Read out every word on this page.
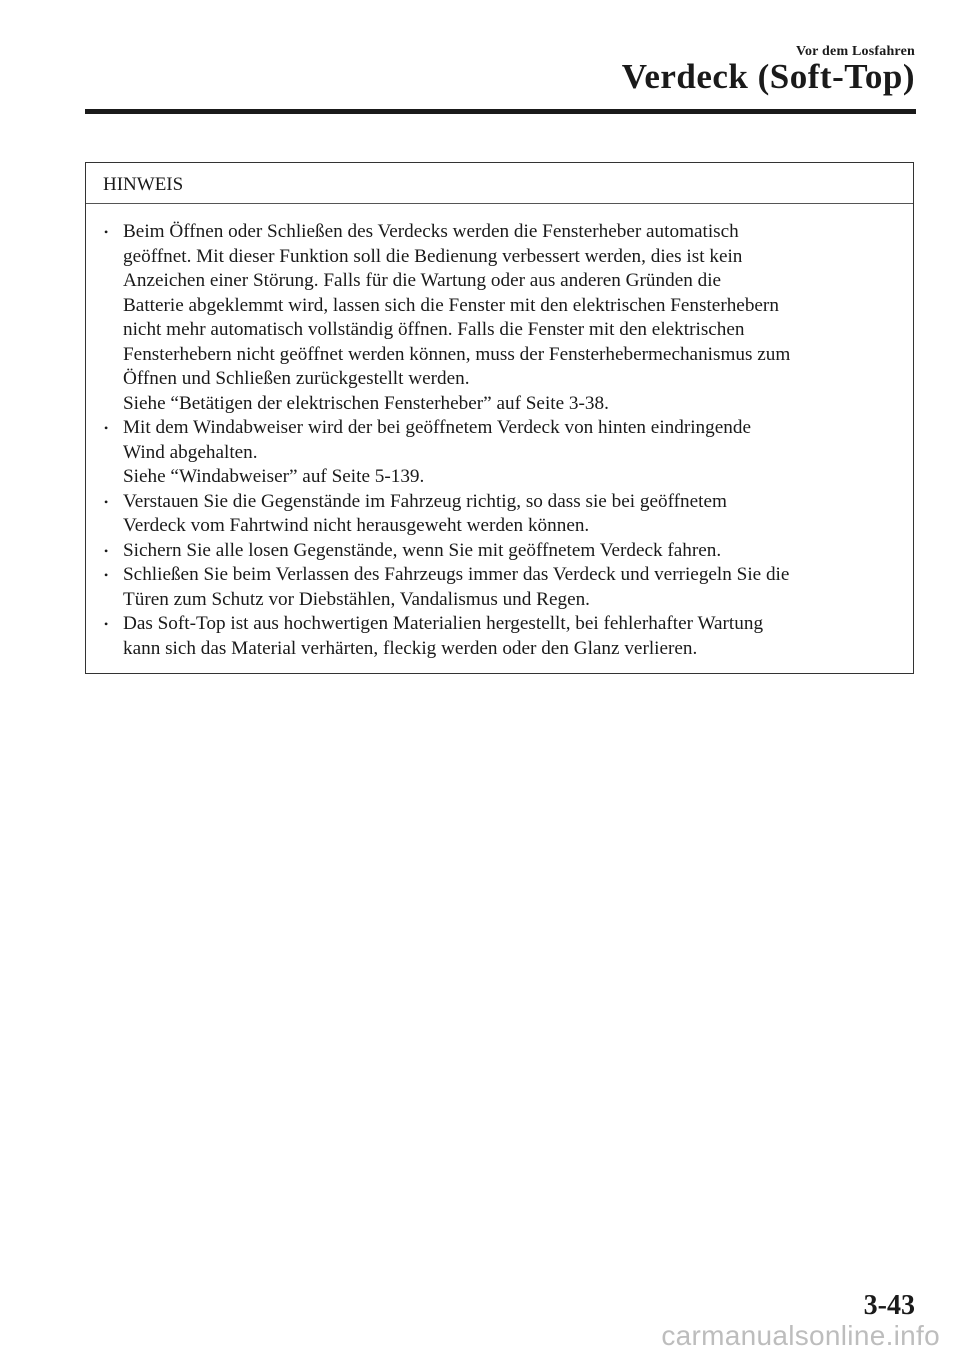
Vor dem Losfahren
Verdeck (Soft-Top)
HINWEIS
• Beim Öffnen oder Schließen des Verdecks werden die Fensterheber automatisch
geöffnet. Mit dieser Funktion soll die Bedienung verbessert werden, dies ist kein
Anzeichen einer Störung. Falls für die Wartung oder aus anderen Gründen die
Batterie abgeklemmt wird, lassen sich die Fenster mit den elektrischen Fensterhebern
nicht mehr automatisch vollständig öffnen. Falls die Fenster mit den elektrischen
Fensterhebern nicht geöffnet werden können, muss der Fensterhebermechanismus zum
Öffnen und Schließen zurückgestellt werden.
Siehe “Betätigen der elektrischen Fensterheber” auf Seite 3-38.
• Mit dem Windabweiser wird der bei geöffnetem Verdeck von hinten eindringende
Wind abgehalten.
Siehe “Windabweiser” auf Seite 5-139.
• Verstauen Sie die Gegenstände im Fahrzeug richtig, so dass sie bei geöffnetem
Verdeck vom Fahrtwind nicht herausgeweht werden können.
• Sichern Sie alle losen Gegenstände, wenn Sie mit geöffnetem Verdeck fahren.
• Schließen Sie beim Verlassen des Fahrzeugs immer das Verdeck und verriegeln Sie die
Türen zum Schutz vor Diebstählen, Vandalismus und Regen.
• Das Soft-Top ist aus hochwertigen Materialien hergestellt, bei fehlerhafter Wartung
kann sich das Material verhärten, fleckig werden oder den Glanz verlieren.
3-43
carmanualsonline.info
